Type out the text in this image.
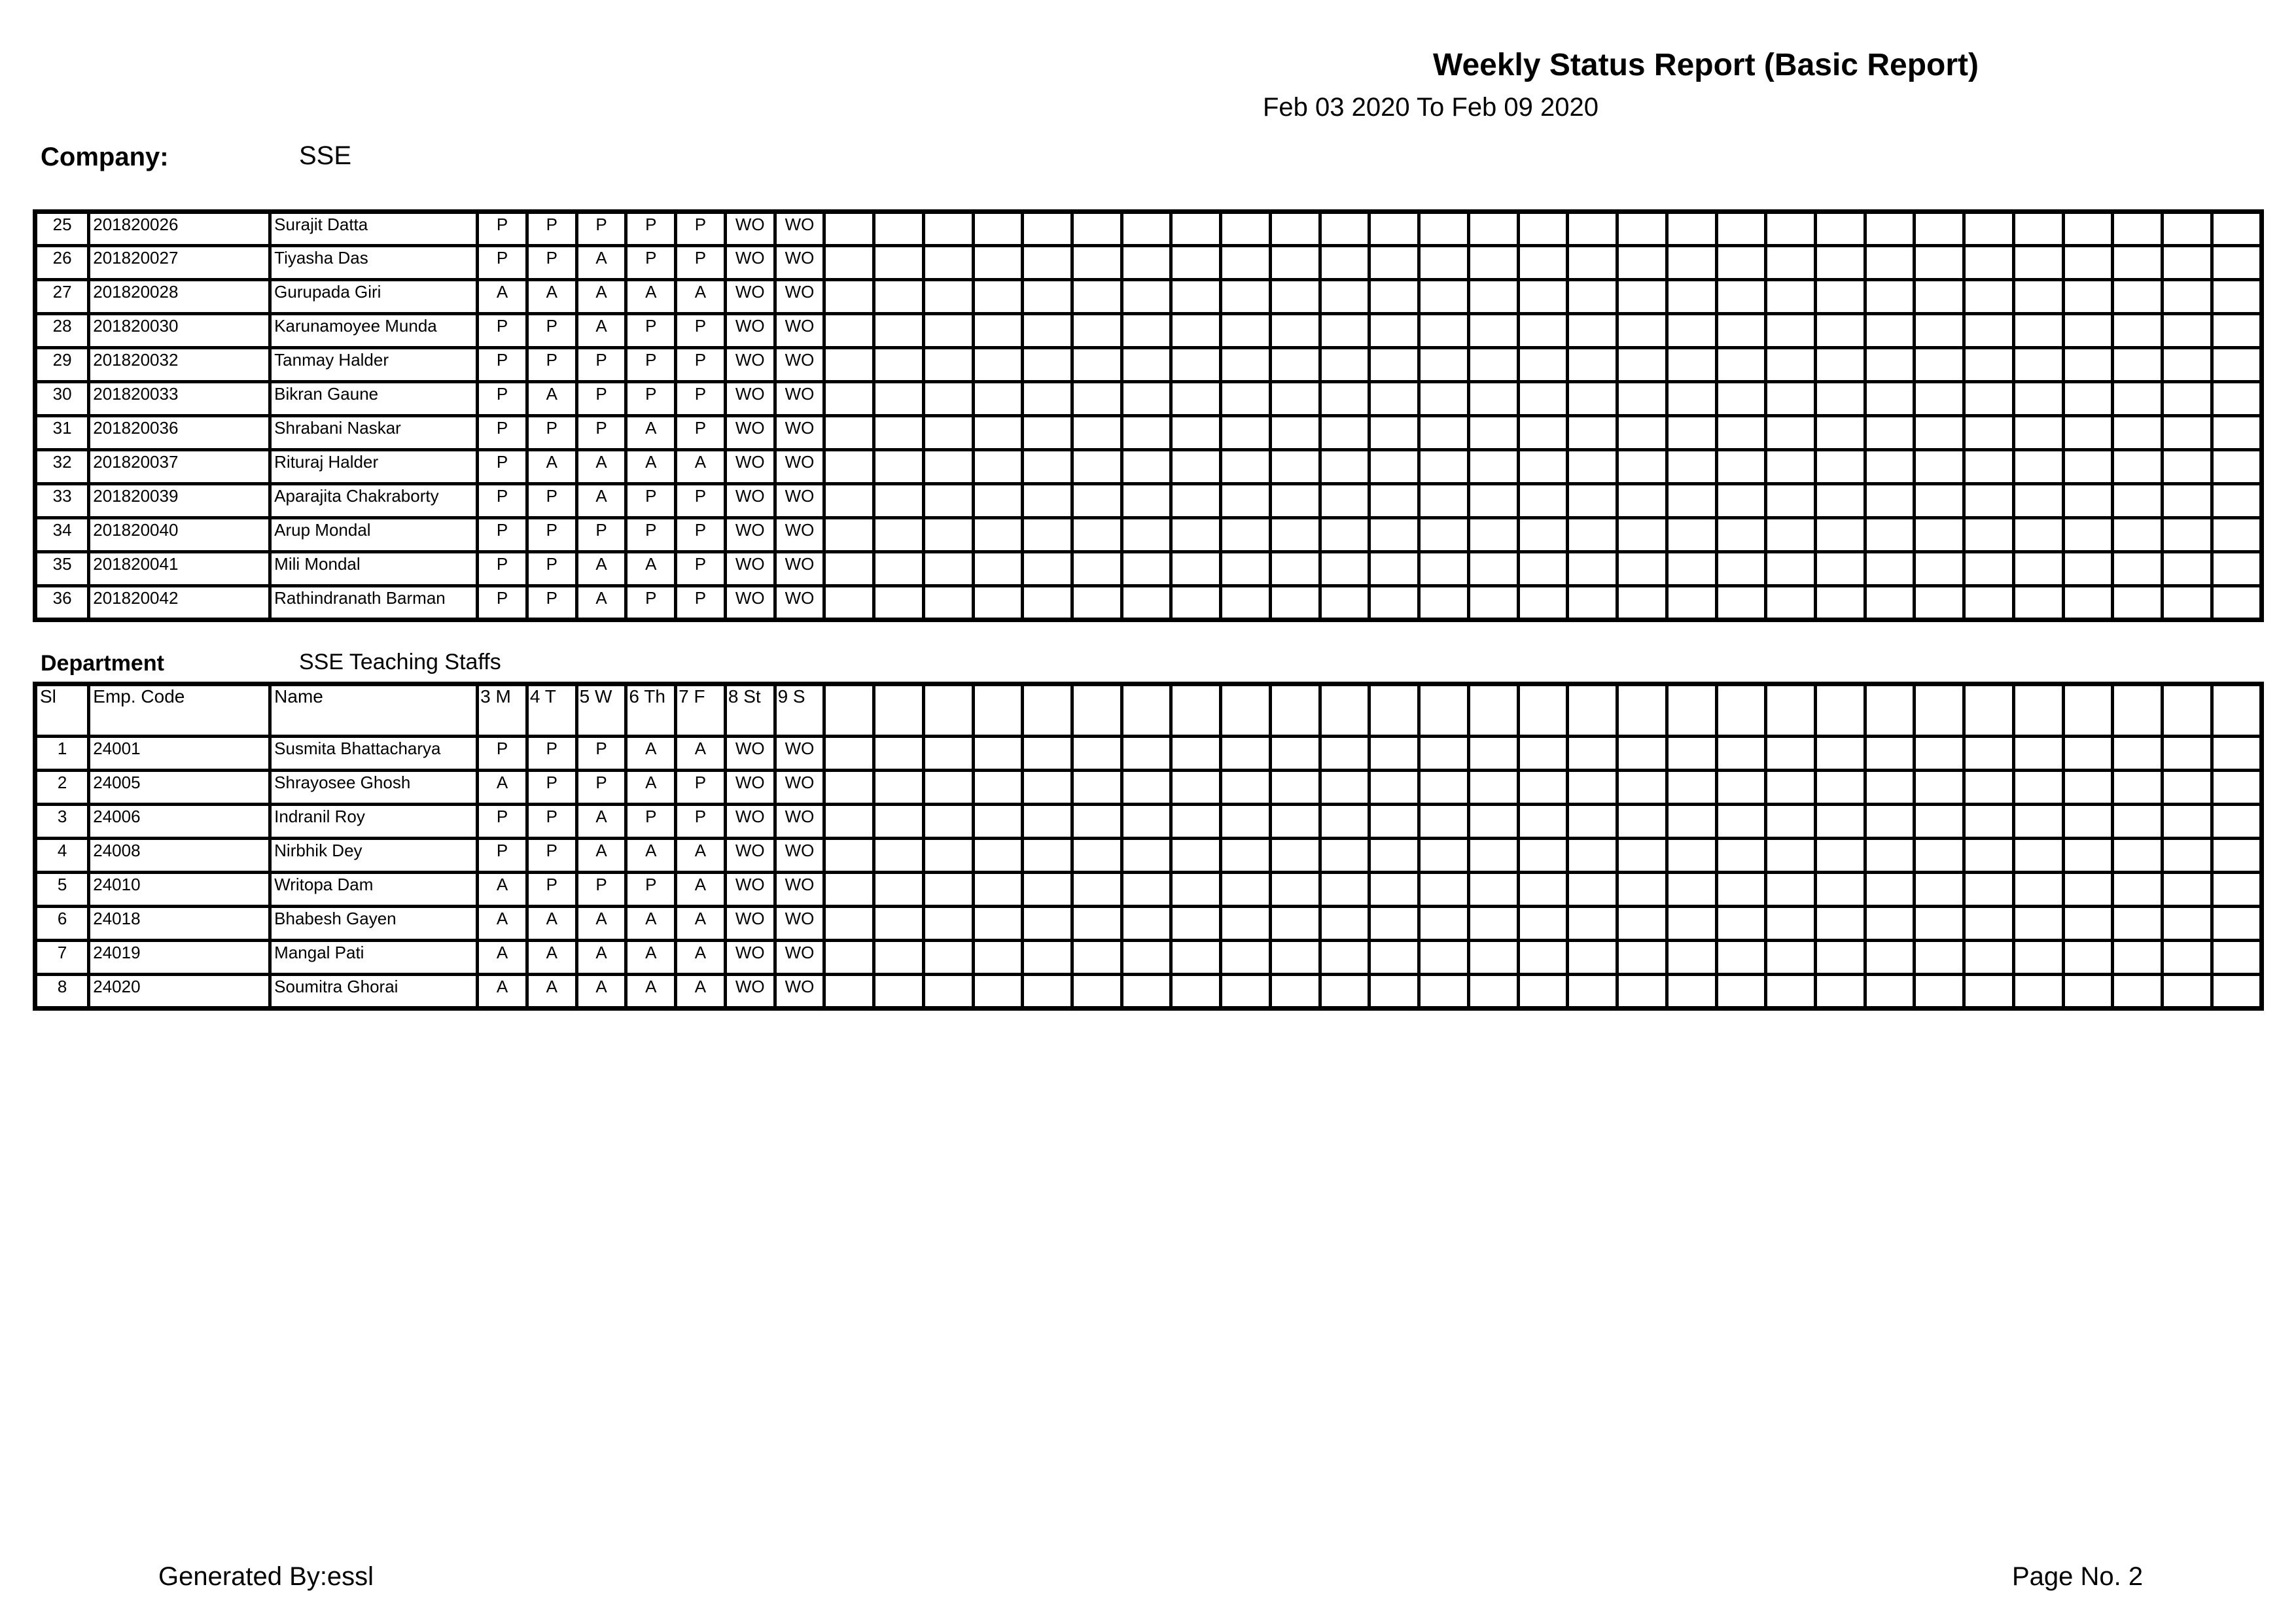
Weekly Status Report (Basic Report)
Feb 03 2020 To Feb 09 2020
Company:	SSE
25	201820026	Surajit Datta	P	P	P	P	P	WO	WO																													
26	201820027	Tiyasha Das	P	P	A	P	P	WO	WO																													
27	201820028	Gurupada Giri	A	A	A	A	A	WO	WO																													
28	201820030	Karunamoyee Munda	P	P	A	P	P	WO	WO																													
29	201820032	Tanmay Halder	P	P	P	P	P	WO	WO																													
30	201820033	Bikran Gaune	P	A	P	P	P	WO	WO																													
31	201820036	Shrabani Naskar	P	P	P	A	P	WO	WO																													
32	201820037	Rituraj Halder	P	A	A	A	A	WO	WO																													
33	201820039	Aparajita Chakraborty	P	P	A	P	P	WO	WO																													
34	201820040	Arup Mondal	P	P	P	P	P	WO	WO																													
35	201820041	Mili Mondal	P	P	A	A	P	WO	WO																													
36	201820042	Rathindranath Barman	P	P	A	P	P	WO	WO																													
Department	SSE Teaching Staffs
Sl	Emp. Code	Name	3 M	4 T	5 W	6 Th	7 F	8 St	9 S																													
1	24001	Susmita Bhattacharya	P	P	P	A	A	WO	WO																													
2	24005	Shrayosee Ghosh	A	P	P	A	P	WO	WO																													
3	24006	Indranil Roy	P	P	A	P	P	WO	WO																													
4	24008	Nirbhik Dey	P	P	A	A	A	WO	WO																													
5	24010	Writopa Dam	A	P	P	P	A	WO	WO																													
6	24018	Bhabesh Gayen	A	A	A	A	A	WO	WO																													
7	24019	Mangal Pati	A	A	A	A	A	WO	WO																													
8	24020	Soumitra Ghorai	A	A	A	A	A	WO	WO																													
Generated By:essl	Page No. 2
